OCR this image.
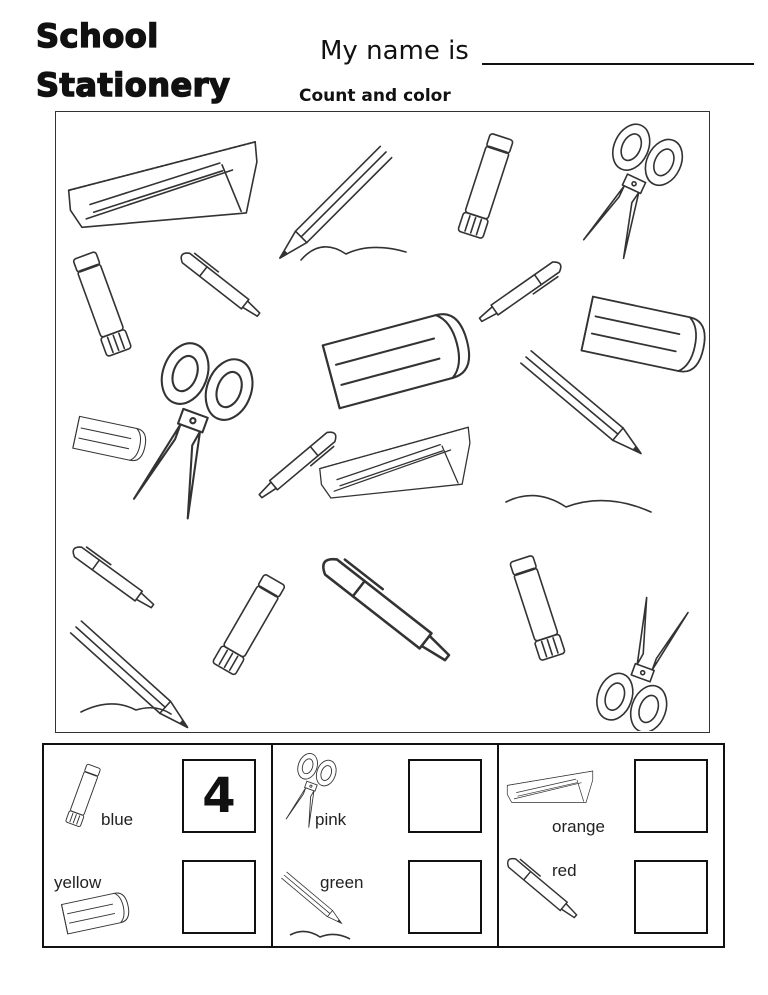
School
Stationery
My name is
Count and color
blue	4
yellow
pink
green
orange
red
